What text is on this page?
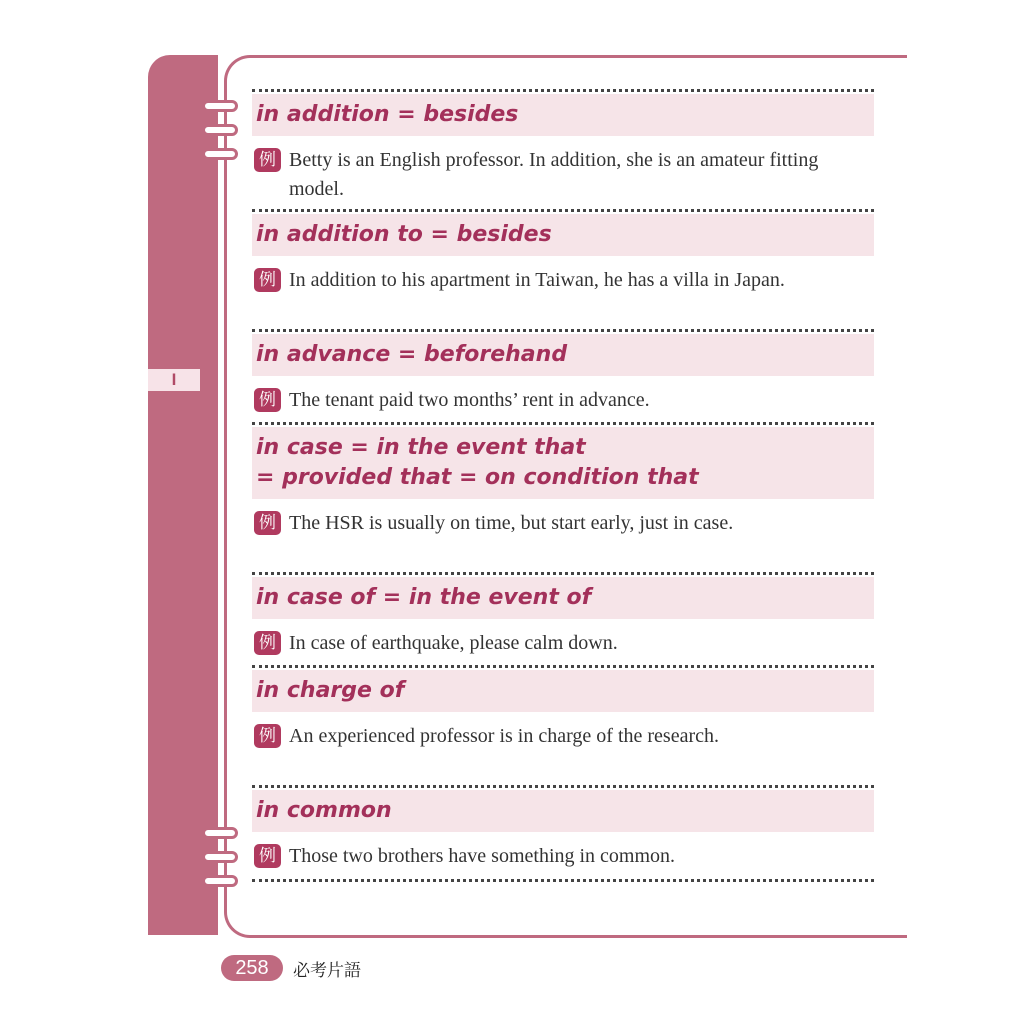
I
in addition = besides
例 Betty is an English professor. In addition, she is an amateur fitting model.
in addition to = besides
例 In addition to his apartment in Taiwan, he has a villa in Japan.
in advance = beforehand
例 The tenant paid two months’ rent in advance.
in case = in the event that
= provided that = on condition that
例 The HSR is usually on time, but start early, just in case.
in case of = in the event of
例 In case of earthquake, please calm down.
in charge of
例 An experienced professor is in charge of the research.
in common
例 Those two brothers have something in common.
258	必考片語
